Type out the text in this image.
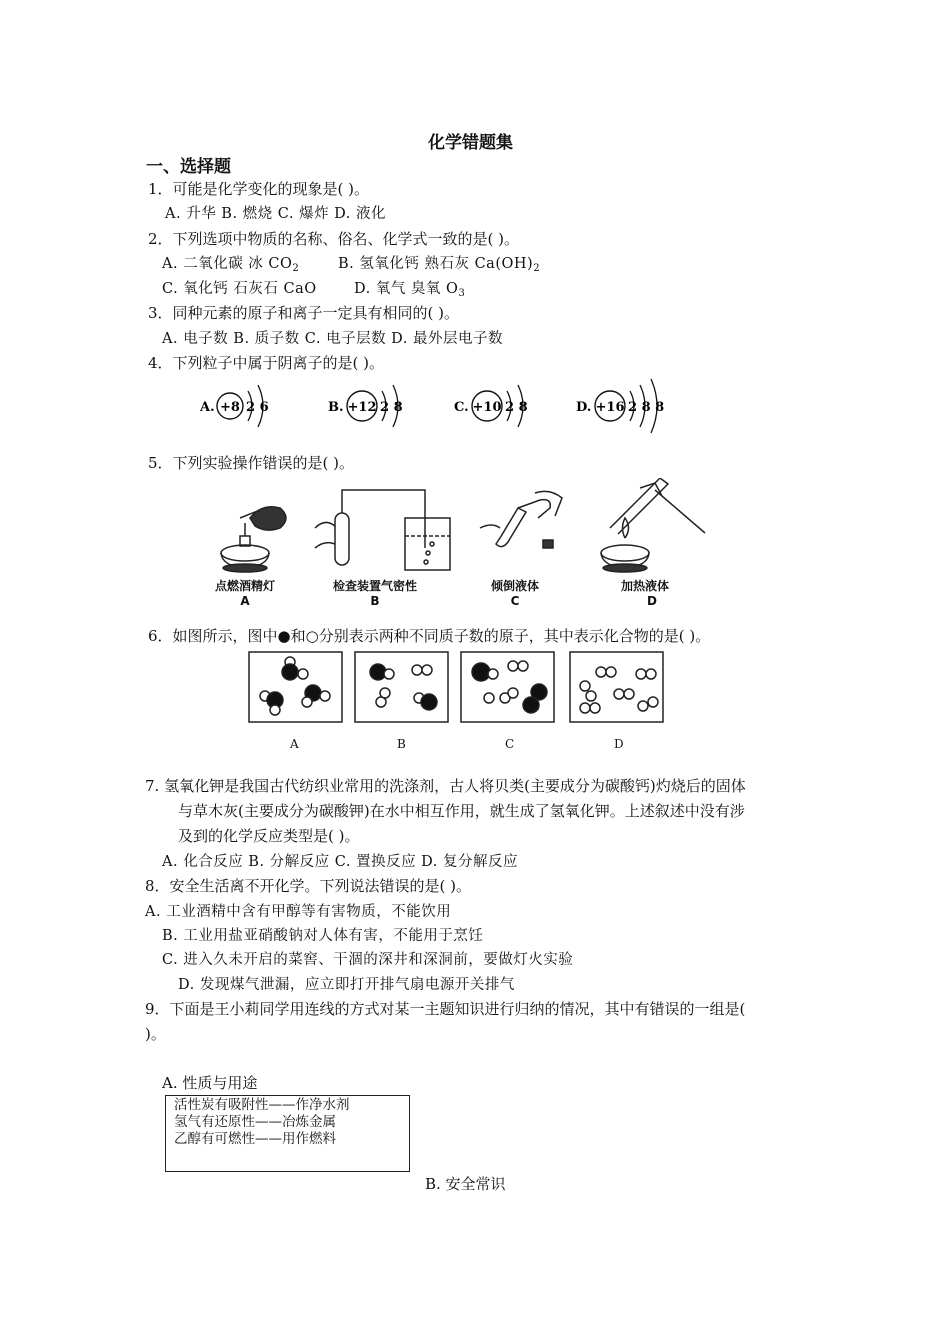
化学错题集
一、选择题
1．可能是化学变化的现象是( )。
A. 升华 B. 燃烧 C. 爆炸 D. 液化
2．下列选项中物质的名称、俗名、化学式一致的是( )。
A. 二氧化碳 冰 $CO_2$	B. 氢氧化钙 熟石灰 $Ca(OH)_2$
C. 氧化钙 石灰石 CaO	D. 氧气 臭氧 $O_3$
3．同种元素的原子和离子一定具有相同的( )。
A. 电子数 B. 质子数 C. 电子层数 D. 最外层电子数
4．下列粒子中属于阴离子的是( )。
A. +8 2 6	B. +12 2 8	C. +10 2 8	D. +16 2 8 8
5．下列实验操作错误的是( )。
点燃酒精灯	检查装置气密性	倾倒液体	加热液体
A	B	C	D
6．如图所示，图中●和○分别表示两种不同质子数的原子，其中表示化合物的是( )。
A	B	C	D
7. 氢氧化钾是我国古代纺织业常用的洗涤剂，古人将贝类(主要成分为碳酸钙)灼烧后的固体
与草木灰(主要成分为碳酸钾)在水中相互作用，就生成了氢氧化钾。上述叙述中没有涉
及到的化学反应类型是( )。
A. 化合反应 B. 分解反应 C. 置换反应 D. 复分解反应
8．安全生活离不开化学。下列说法错误的是( )。
A. 工业酒精中含有甲醇等有害物质，不能饮用
B. 工业用盐亚硝酸钠对人体有害，不能用于烹饪
C. 进入久未开启的菜窖、干涸的深井和深洞前，要做灯火实验
D. 发现煤气泄漏，应立即打开排气扇电源开关排气
9．下面是王小莉同学用连线的方式对某一主题知识进行归纳的情况，其中有错误的一组是(
)。
A. 性质与用途
活性炭有吸附性——作净水剂
氢气有还原性——冶炼金属
乙醇有可燃性——用作燃料
B. 安全常识
